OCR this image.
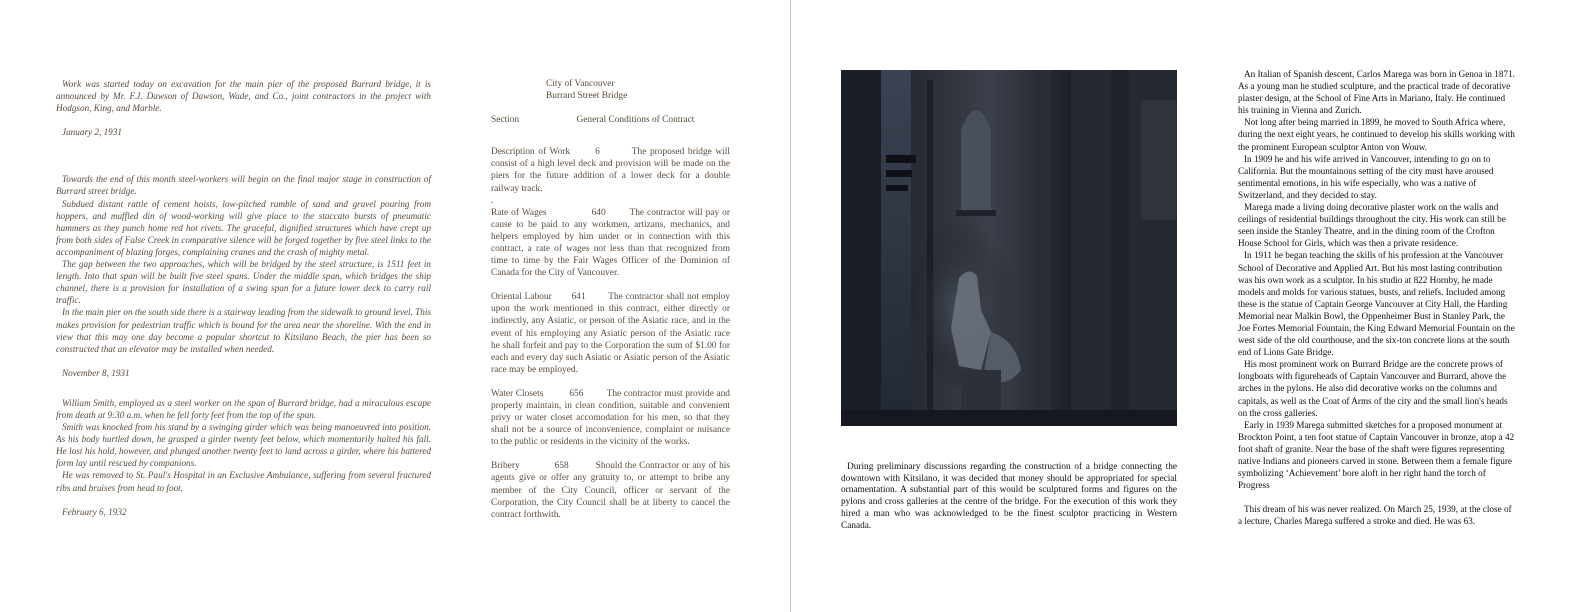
Work was started today on excavation for the main pier of the proposed Burrard bridge, it is announced by Mr. F.J. Dawson of Dawson, Wade, and Co., joint contractors in the project with Hodgson, King, and Marble.

January 2, 1931

Towards the end of this month steel-workers will begin on the final major stage in construction of Burrard street bridge.

Subdued distant rattle of cement hoists, low-pitched rumble of sand and gravel pouring from hoppers, and muffled din of wood-working will give place to the staccato bursts of pneumatic hammers as they punch home red hot rivets. The graceful, dignified structures which have crept up from both sides of False Creek in comparative silence will be forged together by five steel links to the accompaniment of blazing forges, complaining cranes and the crash of mighty metal.

The gap between the two approaches, which will be bridged by the steel structure, is 1511 feet in length. Into that span will be built five steel spans. Under the middle span, which bridges the ship channel, there is a provision for installation of a swing span for a future lower deck to carry rail traffic.

In the main pier on the south side there is a stairway leading from the sidewalk to ground level. This makes provision for pedestrian traffic which is bound for the area near the shoreline. With the end in view that this may one day become a popular shortcut to Kitsilano Beach, the pier has been so constructed that an elevator may be installed when needed.

November 8, 1931

William Smith, employed as a steel worker on the span of Burrard bridge, had a miraculous escape from death at 9:30 a.m. when he fell forty feet from the top of the span.

Smith was knocked from his stand by a swinging girder which was being manoeuvred into position. As his body hurtled down, he grasped a girder twenty feet below, which momentarily halted his fall. He lost his hold, however, and plunged another twenty feet to land across a girder, where his battered form lay until rescued by companions.

He was removed to St. Paul's Hospital in an Exclusive Ambulance, suffering from several fractured ribs and bruises from head to foot.

February 6, 1932

City of Vancouver
Burrard Street Bridge
Section	General Conditions of Contract

Description of Work	6	The proposed bridge will consist of a high level deck and provision will be made on the piers for the future addition of a lower deck for a double railway track.

.

Rate of Wages	640	The contractor will pay or cause to be paid to any workmen, artizans, mechanics, and helpers employed by him under or in connection with this contract, a rate of wages not less than that recognized from time to time by the Fair Wages Officer of the Dominion of Canada for the City of Vancouver.

Oriental Labour 641 The contractor shall not employ upon the work mentioned in this contract, either directly or indirectly, any Asiatic, or person of the Asiatic race, and in the event of his employing any Asiatic person of the Asiatic race he shall forfeit and pay to the Corporation the sum of $1.00 for each and every day such Asiatic or Asiatic person of the Asiatic race may be employed.

Water Closets	656 The contractor must provide and properly maintain, in clean condition, suitable and convenient privy or water closet accomodation for his men, so that they shall not be a source of inconvenience, complaint or nuisance to the public or residents in the vicinity of the works.

Bribery	658	Should the Contractor or any of his agents give or offer any gratuity to, or attempt to bribe any member of the City Council, officer or servant of the Corporation, the City Council shall be at liberty to cancel the contract forthwith.

During preliminary discussions regarding the construction of a bridge connecting the downtown with Kitsilano, it was decided that money should be appropriated for special ornamentation. A substantial part of this would be sculptured forms and figures on the pylons and cross galleries at the centre of the bridge. For the execution of this work they hired a man who was acknowledged to be the finest sculptor practicing in Western Canada.

An Italian of Spanish descent, Carlos Marega was born in Genoa in 1871. As a young man he studied sculpture, and the practical trade of decorative plaster design, at the School of Fine Arts in Mariano, Italy. He continued his training in Vienna and Zurich.

Not long after being married in 1899, he moved to South Africa where, during the next eight years, he continued to develop his skills working with the prominent European sculptor Anton von Wouw.

In 1909 he and his wife arrived in Vancouver, intending to go on to California. But the mountainous setting of the city must have aroused sentimental emotions, in his wife especially, who was a native of Switzerland, and they decided to stay.

Marega made a living doing decorative plaster work on the walls and ceilings of residential buildings throughout the city. His work can still be seen inside the Stanley Theatre, and in the dining room of the Crofton House School for Girls, which was then a private residence.

In 1911 he began teaching the skills of his profession at the Vancouver School of Decorative and Applied Art. But his most lasting contribution was his own work as a sculptor. In his studio at 822 Hornby, he made models and molds for various statues, busts, and reliefs. Included among these is the statue of Captain George Vancouver at City Hall, the Harding Memorial near Malkin Bowl, the Oppenheimer Bust in Stanley Park, the Joe Fortes Memorial Fountain, the King Edward Memorial Fountain on the west side of the old courthouse, and the six-ton concrete lions at the south end of Lions Gate Bridge.

His most prominent work on Burrard Bridge are the concrete prows of longboats with figureheads of Captain Vancouver and Burrard, above the arches in the pylons. He also did decorative works on the columns and capitals, as well as the Coat of Arms of the city and the small lion's heads on the cross galleries.

Early in 1939 Marega submitted sketches for a proposed monument at Brockton Point, a ten foot statue of Captain Vancouver in bronze, atop a 42 foot shaft of granite. Near the base of the shaft were figures representing native Indians and pioneers carved in stone. Between them a female figure symbolizing ‘Achievement’ bore aloft in her right hand the torch of Progress

This dream of his was never realized. On March 25, 1939, at the close of a lecture, Charles Marega suffered a stroke and died. He was 63.
